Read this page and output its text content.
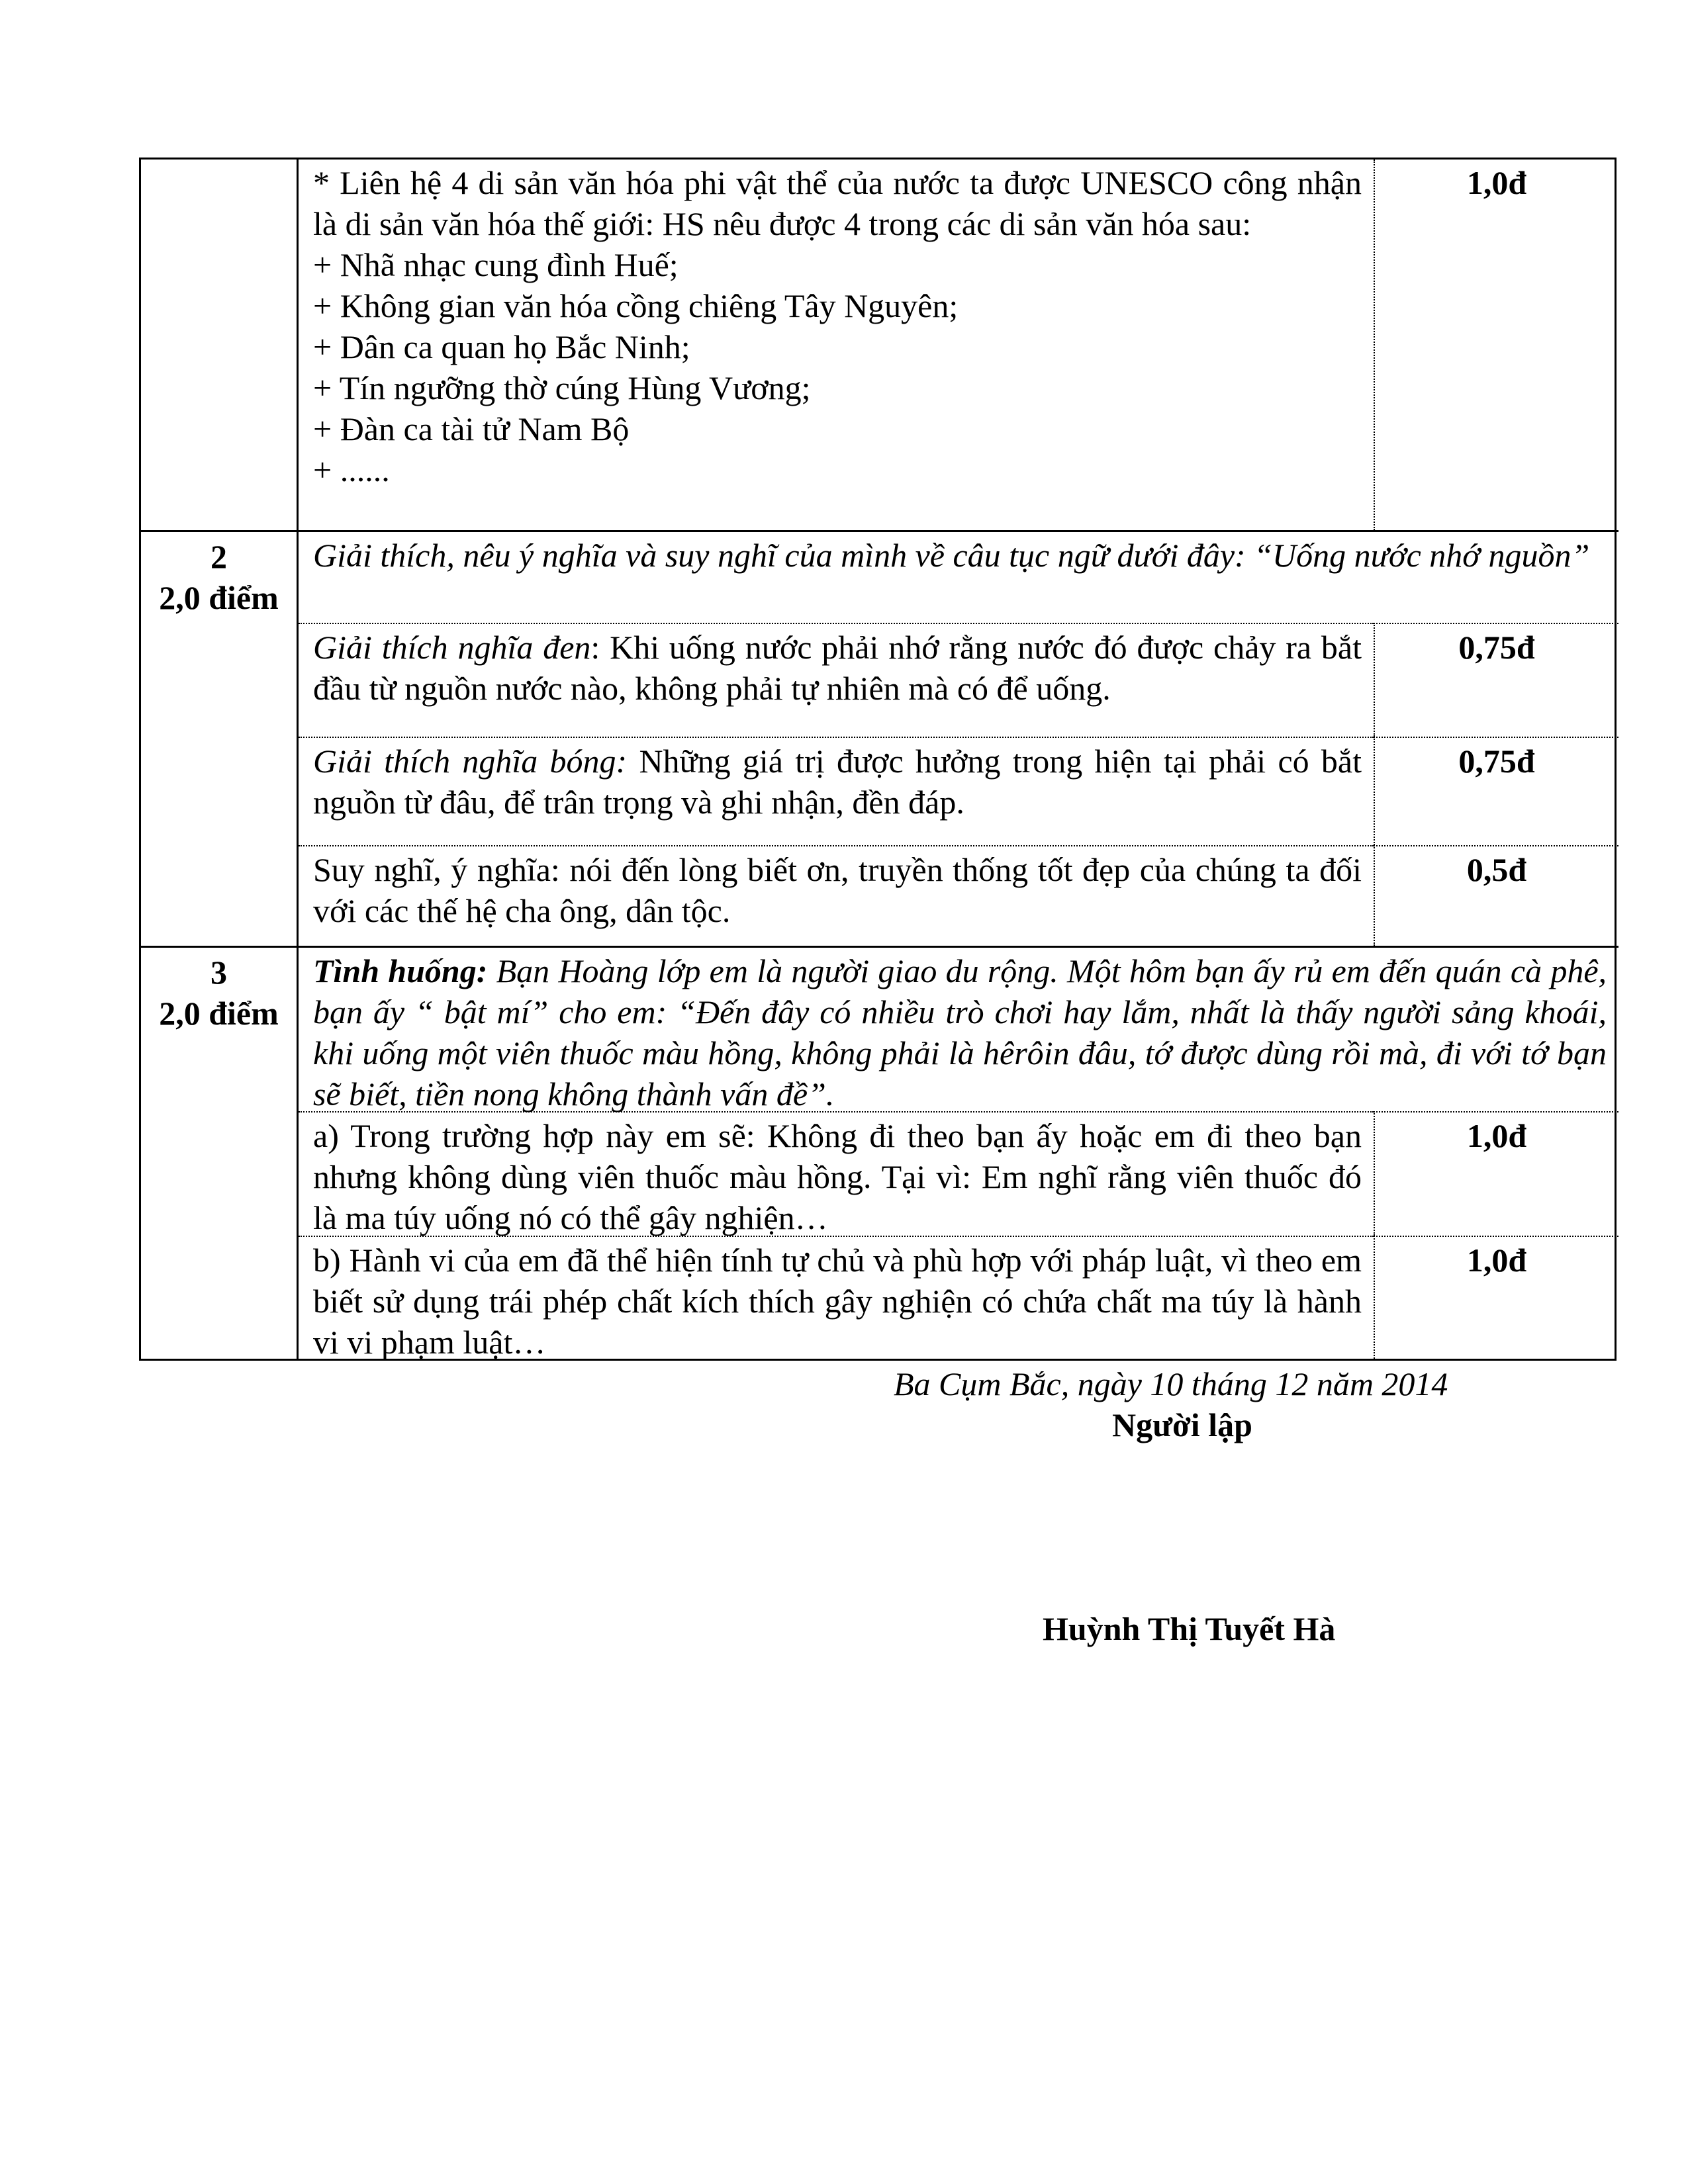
* Liên hệ 4 di sản văn hóa phi vật thể của nước ta được UNESCO công nhận là di sản văn hóa thế giới: HS nêu được 4 trong các di sản văn hóa sau:
+ Nhã nhạc cung đình Huế;
+ Không gian văn hóa cồng chiêng Tây Nguyên;
+ Dân ca quan họ Bắc Ninh;
+ Tín ngưỡng thờ cúng Hùng Vương;
+ Đàn ca tài tử Nam Bộ
+ ......
1,0đ
2
2,0 điểm
Giải thích, nêu ý nghĩa và suy nghĩ của mình về câu tục ngữ dưới đây: “Uống nước nhớ nguồn”
Giải thích nghĩa đen: Khi uống nước phải nhớ rằng nước đó được chảy ra bắt đầu từ nguồn nước nào, không phải tự nhiên mà có để uống.
0,75đ
Giải thích nghĩa bóng: Những giá trị được hưởng trong hiện tại phải có bắt nguồn từ đâu, để trân trọng và ghi nhận, đền đáp.
0,75đ
Suy nghĩ, ý nghĩa: nói đến lòng biết ơn, truyền thống tốt đẹp của chúng ta đối với các thế hệ cha ông, dân tộc.
0,5đ
3
2,0 điểm
Tình huống: Bạn Hoàng lớp em là người giao du rộng. Một hôm bạn ấy rủ em đến quán cà phê, bạn ấy “ bật mí” cho em: “Đến đây có nhiều trò chơi hay lắm, nhất là thấy người sảng khoái, khi uống một viên thuốc màu hồng, không phải là hêrôin đâu, tớ được dùng rồi mà, đi với tớ bạn sẽ biết, tiền nong không thành vấn đề”.
a) Trong trường hợp này em sẽ: Không đi theo bạn ấy hoặc em đi theo bạn nhưng không dùng viên thuốc màu hồng. Tại vì: Em nghĩ rằng viên thuốc đó là ma túy uống nó có thể gây nghiện…
1,0đ
b) Hành vi của em đã thể hiện tính tự chủ và phù hợp với pháp luật, vì theo em biết sử dụng trái phép chất kích thích gây nghiện có chứa chất ma túy là hành vi vi phạm luật…
1,0đ
Ba Cụm Bắc, ngày 10 tháng 12 năm 2014
Người lập
Huỳnh Thị Tuyết Hà
